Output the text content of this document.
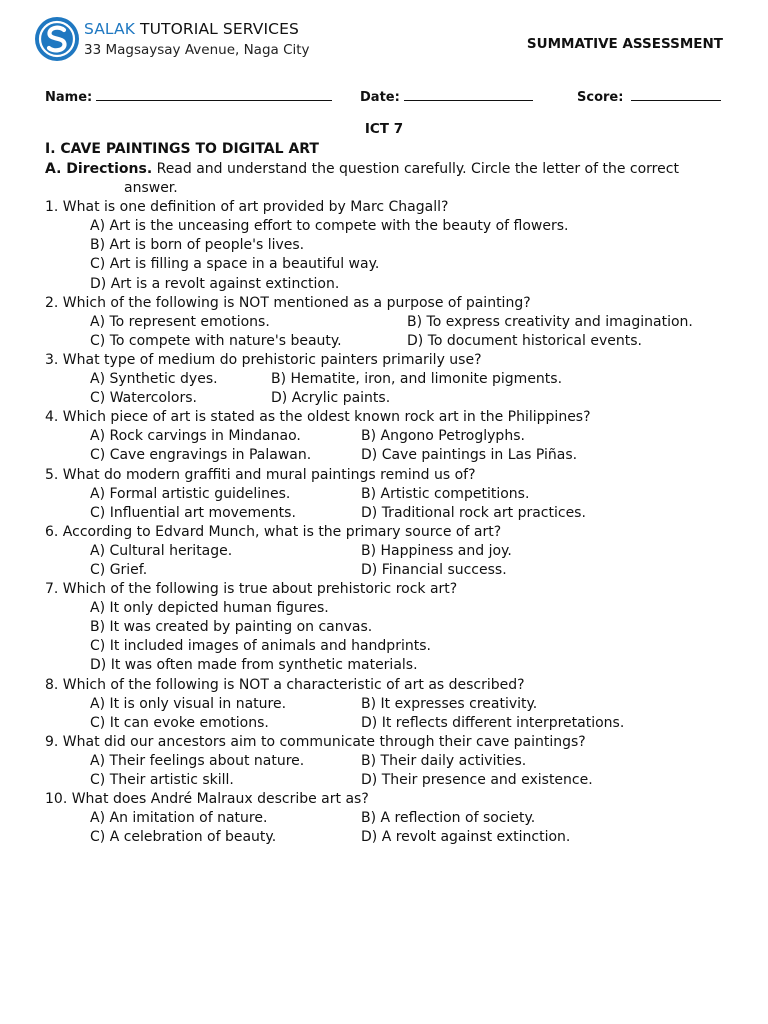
SALAK TUTORIAL SERVICES
33 Magsaysay Avenue, Naga City	SUMMATIVE ASSESSMENT
Name:	Date:	Score:
ICT 7
I. CAVE PAINTINGS TO DIGITAL ART
A. Directions. Read and understand the question carefully. Circle the letter of the correct
answer.
1. What is one definition of art provided by Marc Chagall?
A) Art is the unceasing effort to compete with the beauty of flowers.
B) Art is born of people's lives.
C) Art is filling a space in a beautiful way.
D) Art is a revolt against extinction.
2. Which of the following is NOT mentioned as a purpose of painting?
A) To represent emotions.	B) To express creativity and imagination.
C) To compete with nature's beauty.	D) To document historical events.
3. What type of medium do prehistoric painters primarily use?
A) Synthetic dyes.	B) Hematite, iron, and limonite pigments.
C) Watercolors.	D) Acrylic paints.
4. Which piece of art is stated as the oldest known rock art in the Philippines?
A) Rock carvings in Mindanao.	B) Angono Petroglyphs.
C) Cave engravings in Palawan.	D) Cave paintings in Las Piñas.
5. What do modern graffiti and mural paintings remind us of?
A) Formal artistic guidelines.	B) Artistic competitions.
C) Influential art movements.	D) Traditional rock art practices.
6. According to Edvard Munch, what is the primary source of art?
A) Cultural heritage.	B) Happiness and joy.
C) Grief.	D) Financial success.
7. Which of the following is true about prehistoric rock art?
A) It only depicted human figures.
B) It was created by painting on canvas.
C) It included images of animals and handprints.
D) It was often made from synthetic materials.
8. Which of the following is NOT a characteristic of art as described?
A) It is only visual in nature.	B) It expresses creativity.
C) It can evoke emotions.	D) It reflects different interpretations.
9. What did our ancestors aim to communicate through their cave paintings?
A) Their feelings about nature.	B) Their daily activities.
C) Their artistic skill.	D) Their presence and existence.
10. What does André Malraux describe art as?
A) An imitation of nature.	B) A reflection of society.
C) A celebration of beauty.	D) A revolt against extinction.
